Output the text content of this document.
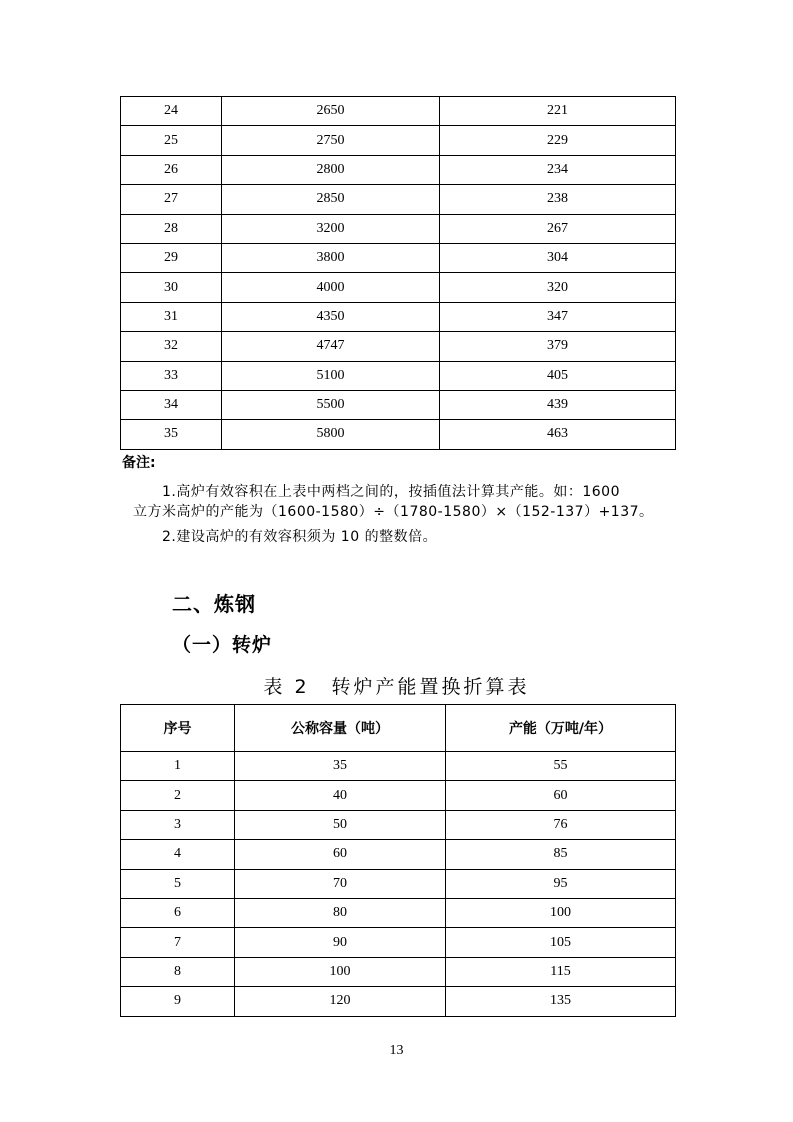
24	2650	221
25	2750	229
26	2800	234
27	2850	238
28	3200	267
29	3800	304
30	4000	320
31	4350	347
32	4747	379
33	5100	405
34	5500	439
35	5800	463
备注:
1.高炉有效容积在上表中两档之间的，按插值法计算其产能。如：1600
立方米高炉的产能为（1600-1580）÷（1780-1580）×（152-137）+137。
2.建设高炉的有效容积须为 10 的整数倍。
二、炼钢
（一）转炉
表 2　转炉产能置换折算表
序号	公称容量（吨）	产能（万吨/年）
1	35	55
2	40	60
3	50	76
4	60	85
5	70	95
6	80	100
7	90	105
8	100	115
9	120	135
13
